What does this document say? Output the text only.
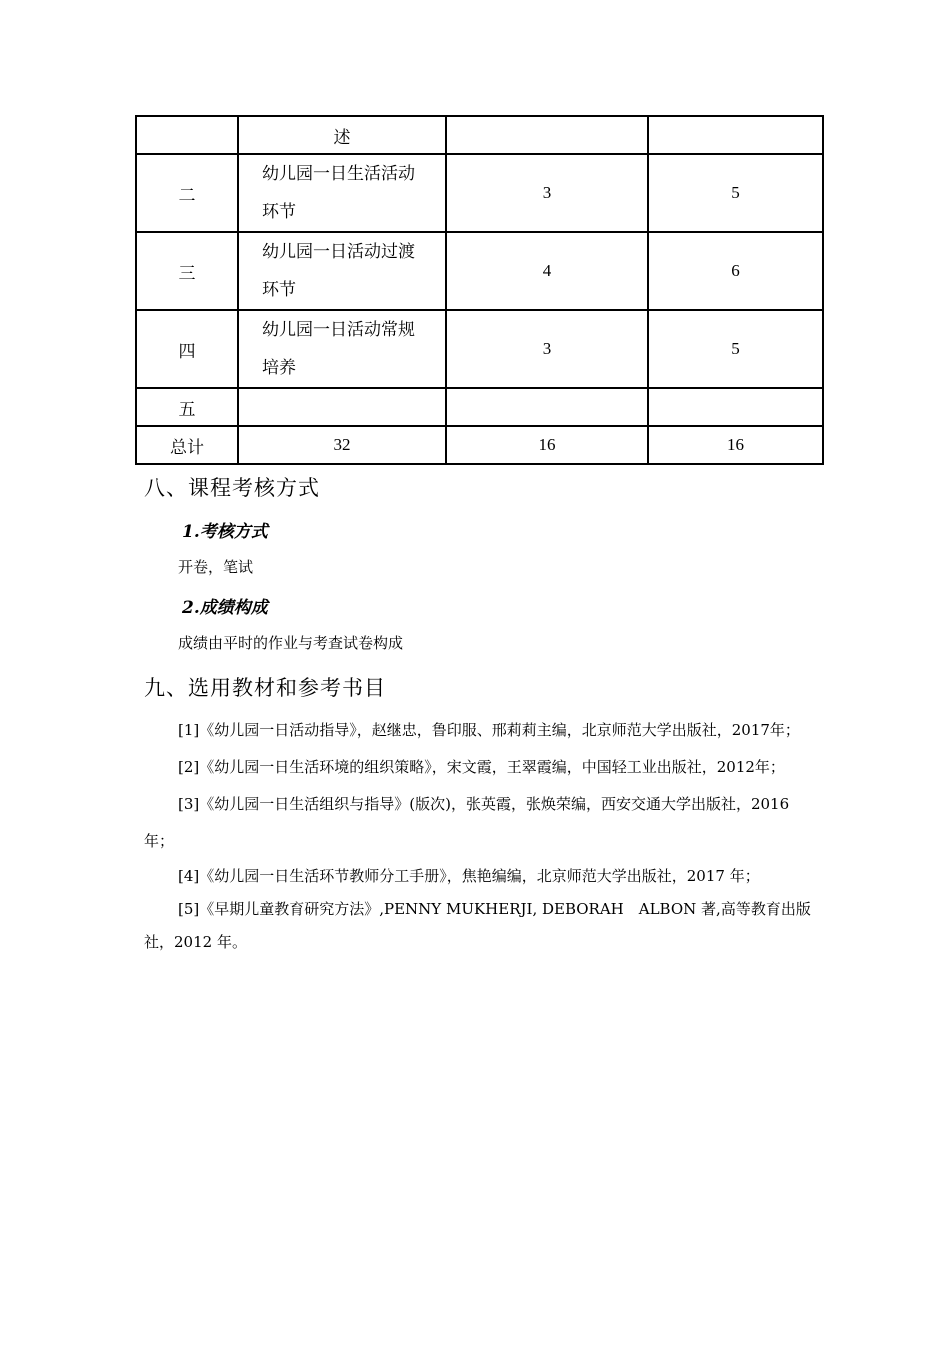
	述		
二	幼儿园一日生活活动环节	3	5
三	幼儿园一日活动过渡环节	4	6
四	幼儿园一日活动常规培养	3	5
五			
总计	32	16	16
八、课程考核方式
1.考核方式
开卷，笔试
2.成绩构成
成绩由平时的作业与考查试卷构成
九、选用教材和参考书目

[1]《幼儿园一日活动指导》，赵继忠，鲁印服、邢莉莉主编，北京师范大学出版社，2017年；

[2]《幼儿园一日生活环境的组织策略》，宋文霞，王翠霞编，中国轻工业出版社，2012年；

[3]《幼儿园一日生活组织与指导》(版次)，张英霞，张焕荣编，西安交通大学出版社，2016 年；

[4]《幼儿园一日生活环节教师分工手册》，焦艳编编，北京师范大学出版社，2017 年；

[5]《早期儿童教育研究方法》,PENNY MUKHERJI, DEBORAH　ALBON 著,高等教育出版社，2012 年。
